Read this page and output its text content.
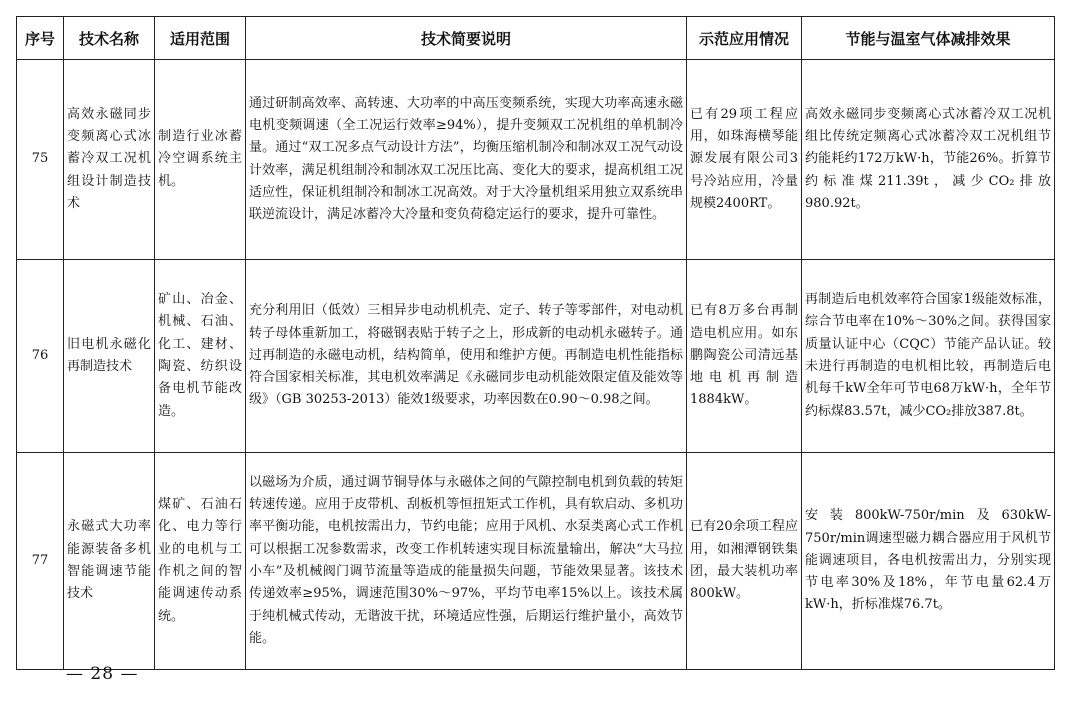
序号	技术名称	适用范围	技术简要说明	示范应用情况	节能与温室气体减排效果
75	高效永磁同步变频离心式冰蓄冷双工况机组设计制造技术	制造行业冰蓄冷空调系统主机。	通过研制高效率、高转速、大功率的中高压变频系统，实现大功率高速永磁电机变频调速（全工况运行效率≥94%），提升变频双工况机组的单机制冷量。通过“双工况多点气动设计方法”，均衡压缩机制冷和制冰双工况气动设计效率，满足机组制冷和制冰双工况压比高、变化大的要求，提高机组工况适应性，保证机组制冷和制冰工况高效。对于大冷量机组采用独立双系统串联逆流设计，满足冰蓄冷大冷量和变负荷稳定运行的要求，提升可靠性。	已有29项工程应用，如珠海横琴能源发展有限公司3号冷站应用，冷量规模2400RT。	高效永磁同步变频离心式冰蓄冷双工况机组比传统定频离心式冰蓄冷双工况机组节约能耗约172万kW·h，节能26%。折算节约标准煤211.39t，减少CO₂排放980.92t。
76	旧电机永磁化再制造技术	矿山、冶金、机械、石油、化工、建材、陶瓷、纺织设备电机节能改造。	充分利用旧（低效）三相异步电动机机壳、定子、转子等零部件，对电动机转子母体重新加工，将磁钢表贴于转子之上，形成新的电动机永磁转子。通过再制造的永磁电动机，结构简单，使用和维护方便。再制造电机性能指标符合国家相关标准，其电机效率满足《永磁同步电动机能效限定值及能效等级》（GB 30253-2013）能效1级要求，功率因数在0.90～0.98之间。	已有8万多台再制造电机应用。如东鹏陶瓷公司清远基地电机再制造1884kW。	再制造后电机效率符合国家1级能效标准，综合节电率在10%～30%之间。获得国家质量认证中心（CQC）节能产品认证。较未进行再制造的电机相比较，再制造后电机每千kW全年可节电68万kW·h，全年节约标煤83.57t，减少CO₂排放387.8t。
77	永磁式大功率能源装备多机智能调速节能技术	煤矿、石油石化、电力等行业的电机与工作机之间的智能调速传动系统。	以磁场为介质，通过调节铜导体与永磁体之间的气隙控制电机到负载的转矩转速传递。应用于皮带机、刮板机等恒扭矩式工作机，具有软启动、多机功率平衡功能，电机按需出力，节约电能；应用于风机、水泵类离心式工作机可以根据工况参数需求，改变工作机转速实现目标流量输出，解决“大马拉小车”及机械阀门调节流量等造成的能量损失问题，节能效果显著。该技术传递效率≥95%，调速范围30%～97%，平均节电率15%以上。该技术属于纯机械式传动，无谐波干扰，环境适应性强，后期运行维护量小，高效节能。	已有20余项工程应用，如湘潭钢铁集团，最大装机功率800kW。	安装800kW-750r/min及630kW-750r/min调速型磁力耦合器应用于风机节能调速项目，各电机按需出力，分别实现节电率30%及18%，年节电量62.4万kW·h，折标准煤76.7t。
— 28 —
